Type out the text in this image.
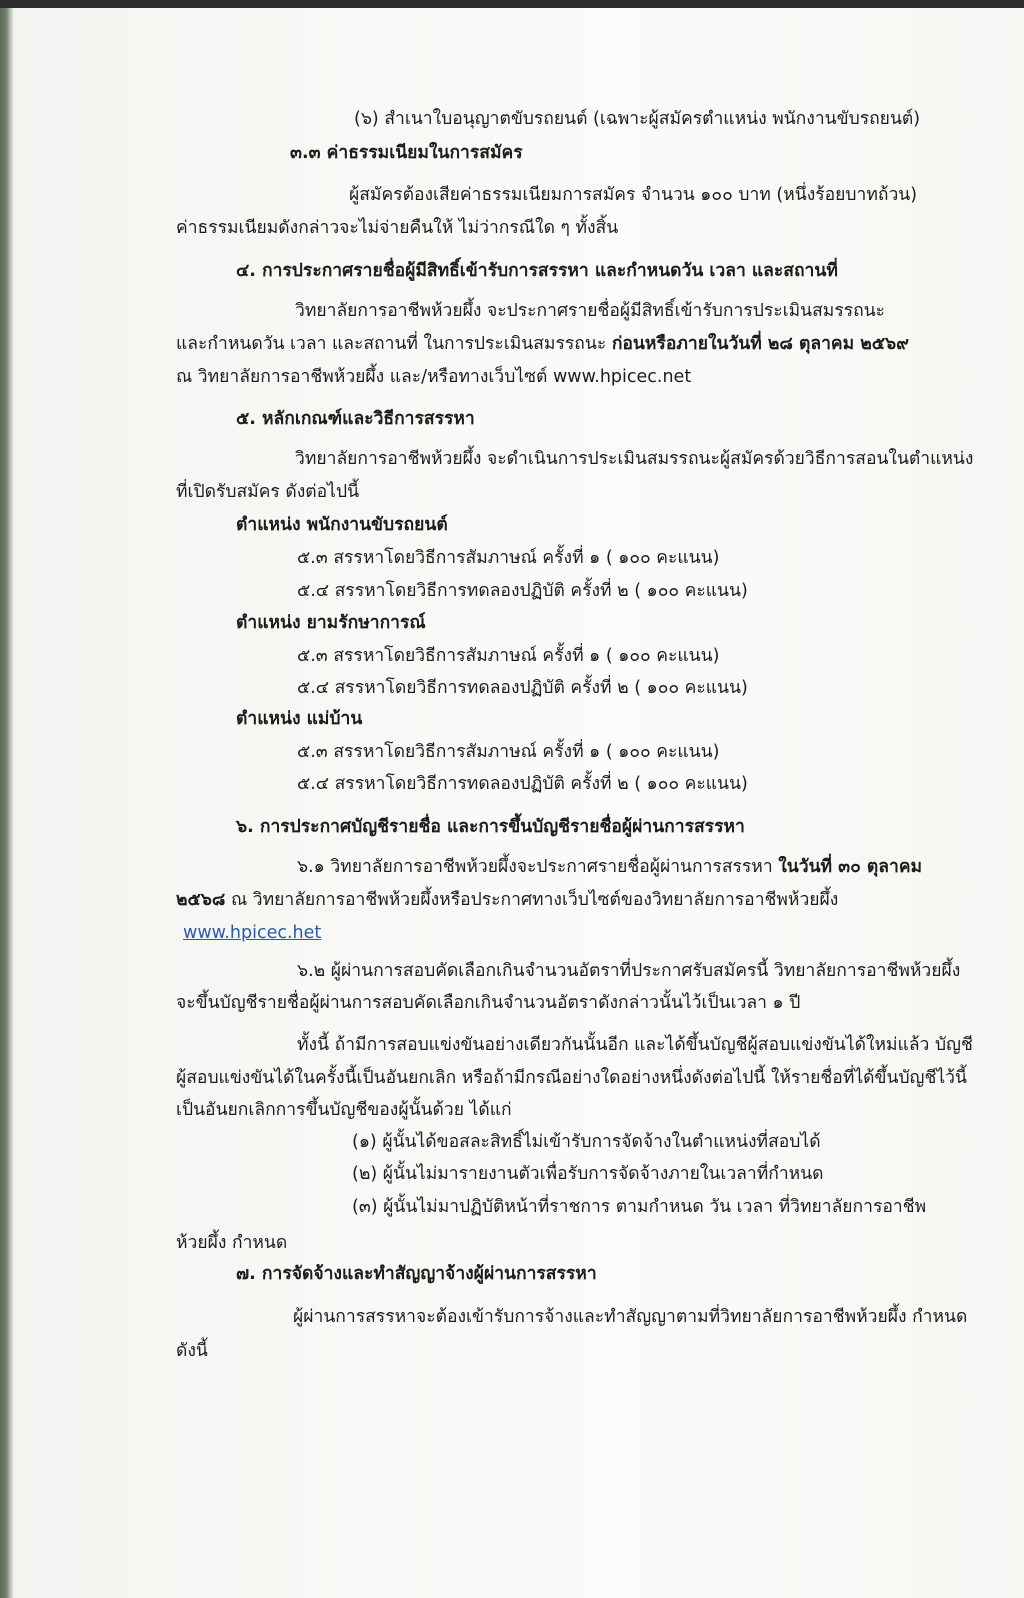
(๖) สำเนาใบอนุญาตขับรถยนต์ (เฉพาะผู้สมัครตำแหน่ง พนักงานขับรถยนต์)
๓.๓ ค่าธรรมเนียมในการสมัคร
ผู้สมัครต้องเสียค่าธรรมเนียมการสมัคร จำนวน ๑๐๐ บาท (หนึ่งร้อยบาทถ้วน)
ค่าธรรมเนียมดังกล่าวจะไม่จ่ายคืนให้ ไม่ว่ากรณีใด ๆ ทั้งสิ้น
๔. การประกาศรายชื่อผู้มีสิทธิ์เข้ารับการสรรหา และกำหนดวัน เวลา และสถานที่
วิทยาลัยการอาชีพห้วยผึ้ง จะประกาศรายชื่อผู้มีสิทธิ์เข้ารับการประเมินสมรรถนะ
และกำหนดวัน เวลา และสถานที่ ในการประเมินสมรรถนะ ก่อนหรือภายในวันที่ ๒๘ ตุลาคม ๒๕๖๙
ณ วิทยาลัยการอาชีพห้วยผึ้ง และ/หรือทางเว็บไซต์ www.hpicec.net
๕. หลักเกณฑ์และวิธีการสรรหา
วิทยาลัยการอาชีพห้วยผึ้ง จะดำเนินการประเมินสมรรถนะผู้สมัครด้วยวิธีการสอนในตำแหน่ง
ที่เปิดรับสมัคร ดังต่อไปนี้
ตำแหน่ง พนักงานขับรถยนต์
๕.๓ สรรหาโดยวิธีการสัมภาษณ์ ครั้งที่ ๑ ( ๑๐๐ คะแนน)
๕.๔ สรรหาโดยวิธีการทดลองปฏิบัติ ครั้งที่ ๒ ( ๑๐๐ คะแนน)
ตำแหน่ง ยามรักษาการณ์
๕.๓ สรรหาโดยวิธีการสัมภาษณ์ ครั้งที่ ๑ ( ๑๐๐ คะแนน)
๕.๔ สรรหาโดยวิธีการทดลองปฏิบัติ ครั้งที่ ๒ ( ๑๐๐ คะแนน)
ตำแหน่ง แม่บ้าน
๕.๓ สรรหาโดยวิธีการสัมภาษณ์ ครั้งที่ ๑ ( ๑๐๐ คะแนน)
๕.๔ สรรหาโดยวิธีการทดลองปฏิบัติ ครั้งที่ ๒ ( ๑๐๐ คะแนน)
๖. การประกาศบัญชีรายชื่อ และการขึ้นบัญชีรายชื่อผู้ผ่านการสรรหา
๖.๑ วิทยาลัยการอาชีพห้วยผึ้งจะประกาศรายชื่อผู้ผ่านการสรรหา ในวันที่ ๓๐ ตุลาคม
๒๕๖๘ ณ วิทยาลัยการอาชีพห้วยผึ้งหรือประกาศทางเว็บไซต์ของวิทยาลัยการอาชีพห้วยผึ้ง
www.hpicec.het
๖.๒ ผู้ผ่านการสอบคัดเลือกเกินจำนวนอัตราที่ประกาศรับสมัครนี้ วิทยาลัยการอาชีพห้วยผึ้ง
จะขึ้นบัญชีรายชื่อผู้ผ่านการสอบคัดเลือกเกินจำนวนอัตราดังกล่าวนั้นไว้เป็นเวลา ๑ ปี
ทั้งนี้ ถ้ามีการสอบแข่งขันอย่างเดียวกันนั้นอีก และได้ขึ้นบัญชีผู้สอบแข่งขันได้ใหม่แล้ว บัญชี
ผู้สอบแข่งขันได้ในครั้งนี้เป็นอันยกเลิก หรือถ้ามีกรณีอย่างใดอย่างหนึ่งดังต่อไปนี้ ให้รายชื่อที่ได้ขึ้นบัญชีไว้นี้
เป็นอันยกเลิกการขึ้นบัญชีของผู้นั้นด้วย ได้แก่
(๑) ผู้นั้นได้ขอสละสิทธิ์ไม่เข้ารับการจัดจ้างในตำแหน่งที่สอบได้
(๒) ผู้นั้นไม่มารายงานตัวเพื่อรับการจัดจ้างภายในเวลาที่กำหนด
(๓) ผู้นั้นไม่มาปฏิบัติหน้าที่ราชการ ตามกำหนด วัน เวลา ที่วิทยาลัยการอาชีพ
ห้วยผึ้ง กำหนด
๗. การจัดจ้างและทำสัญญาจ้างผู้ผ่านการสรรหา
ผู้ผ่านการสรรหาจะต้องเข้ารับการจ้างและทำสัญญาตามที่วิทยาลัยการอาชีพห้วยผึ้ง กำหนด
ดังนี้
